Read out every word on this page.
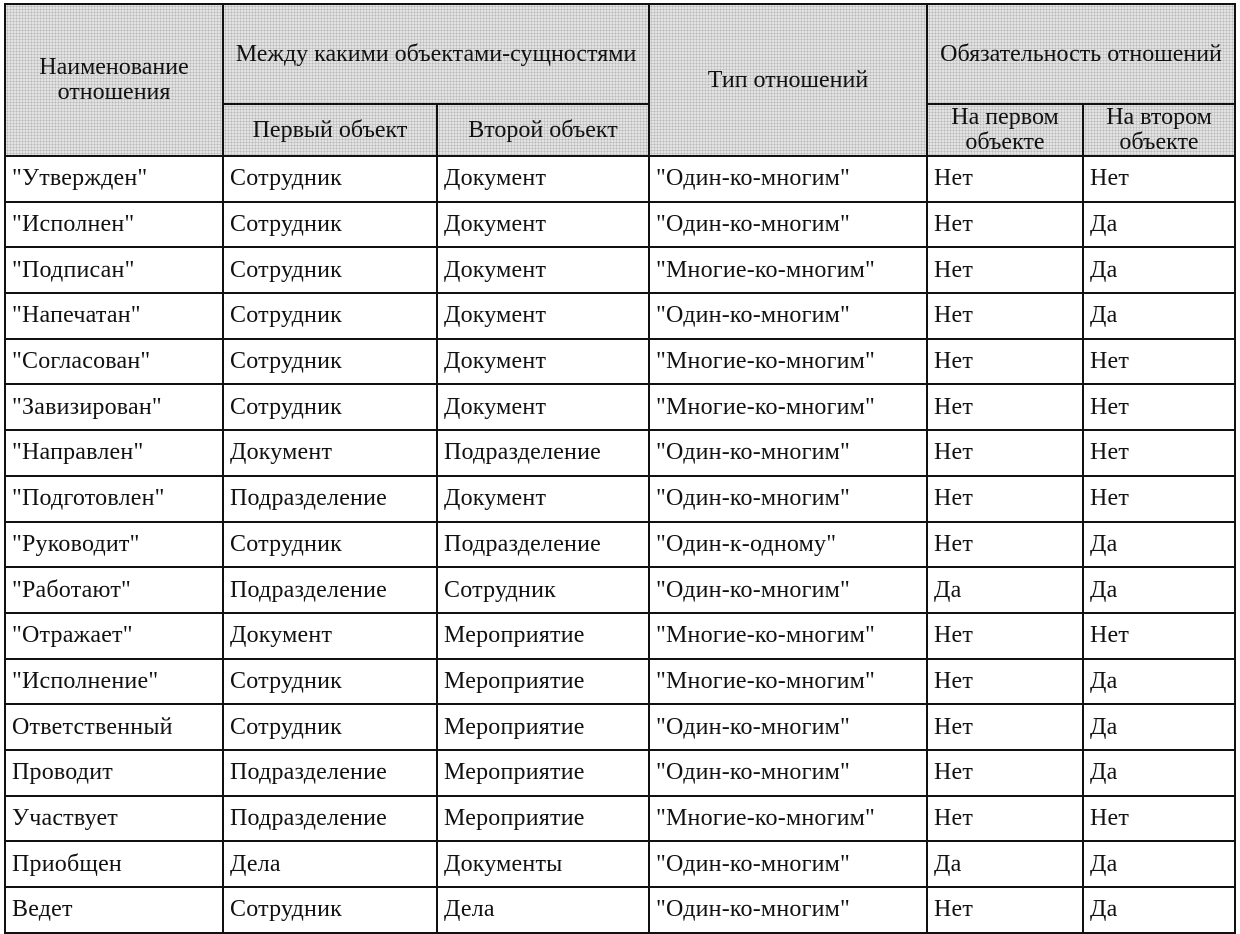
Наименование отношения	Между какими объектами-сущностями		Тип отношений	Обязательность отношений	
	Первый объект	Второй объект		На первом объекте	На втором объекте
"Утвержден"	Сотрудник	Документ	"Один-ко-многим"	Нет	Нет
"Исполнен"	Сотрудник	Документ	"Один-ко-многим"	Нет	Да
"Подписан"	Сотрудник	Документ	"Многие-ко-многим"	Нет	Да
"Напечатан"	Сотрудник	Документ	"Один-ко-многим"	Нет	Да
"Согласован"	Сотрудник	Документ	"Многие-ко-многим"	Нет	Нет
"Завизирован"	Сотрудник	Документ	"Многие-ко-многим"	Нет	Нет
"Направлен"	Документ	Подразделение	"Один-ко-многим"	Нет	Нет
"Подготовлен"	Подразделение	Документ	"Один-ко-многим"	Нет	Нет
"Руководит"	Сотрудник	Подразделение	"Один-к-одному"	Нет	Да
"Работают"	Подразделение	Сотрудник	"Один-ко-многим"	Да	Да
"Отражает"	Документ	Мероприятие	"Многие-ко-многим"	Нет	Нет
"Исполнение"	Сотрудник	Мероприятие	"Многие-ко-многим"	Нет	Да
Ответственный	Сотрудник	Мероприятие	"Один-ко-многим"	Нет	Да
Проводит	Подразделение	Мероприятие	"Один-ко-многим"	Нет	Да
Участвует	Подразделение	Мероприятие	"Многие-ко-многим"	Нет	Нет
Приобщен	Дела	Документы	"Один-ко-многим"	Да	Да
Ведет	Сотрудник	Дела	"Один-ко-многим"	Нет	Да
